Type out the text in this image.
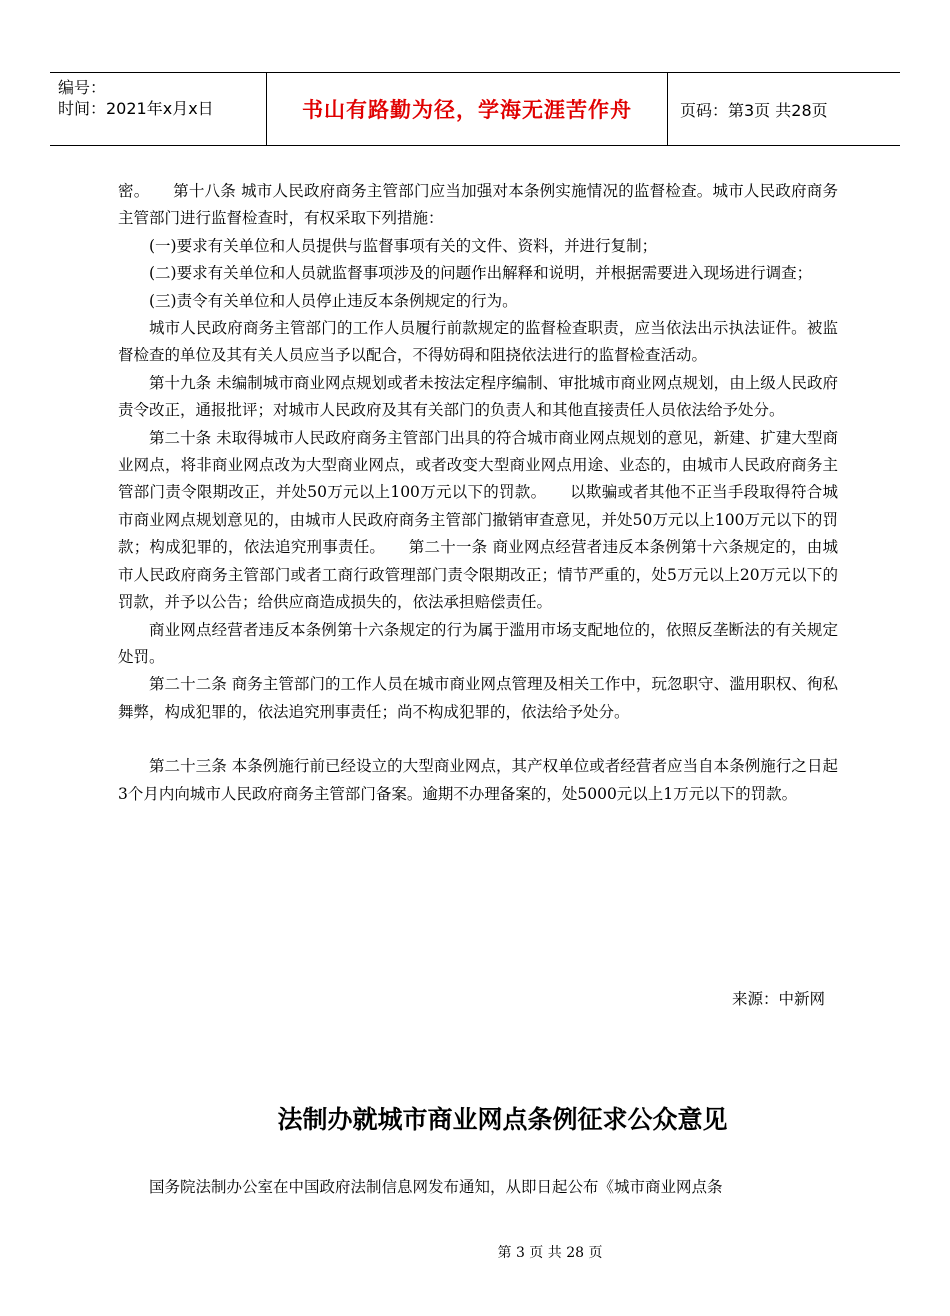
编号：
时间：2021年x月x日	书山有路勤为径，学海无涯苦作舟	页码：第3页 共28页

密。　　第十八条 城市人民政府商务主管部门应当加强对本条例实施情况的监督检查。城市人民政府商务主管部门进行监督检查时，有权采取下列措施：

(一)要求有关单位和人员提供与监督事项有关的文件、资料，并进行复制；

(二)要求有关单位和人员就监督事项涉及的问题作出解释和说明，并根据需要进入现场进行调查；

(三)责令有关单位和人员停止违反本条例规定的行为。

城市人民政府商务主管部门的工作人员履行前款规定的监督检查职责，应当依法出示执法证件。被监督检查的单位及其有关人员应当予以配合，不得妨碍和阻挠依法进行的监督检查活动。

第十九条 未编制城市商业网点规划或者未按法定程序编制、审批城市商业网点规划，由上级人民政府责令改正，通报批评；对城市人民政府及其有关部门的负责人和其他直接责任人员依法给予处分。

第二十条 未取得城市人民政府商务主管部门出具的符合城市商业网点规划的意见，新建、扩建大型商业网点，将非商业网点改为大型商业网点，或者改变大型商业网点用途、业态的，由城市人民政府商务主管部门责令限期改正，并处50万元以上100万元以下的罚款。　　以欺骗或者其他不正当手段取得符合城市商业网点规划意见的，由城市人民政府商务主管部门撤销审查意见，并处50万元以上100万元以下的罚款；构成犯罪的，依法追究刑事责任。　　第二十一条 商业网点经营者违反本条例第十六条规定的，由城市人民政府商务主管部门或者工商行政管理部门责令限期改正；情节严重的，处5万元以上20万元以下的罚款，并予以公告；给供应商造成损失的，依法承担赔偿责任。

商业网点经营者违反本条例第十六条规定的行为属于滥用市场支配地位的，依照反垄断法的有关规定处罚。

第二十二条 商务主管部门的工作人员在城市商业网点管理及相关工作中，玩忽职守、滥用职权、徇私舞弊，构成犯罪的，依法追究刑事责任；尚不构成犯罪的，依法给予处分。

第二十三条 本条例施行前已经设立的大型商业网点，其产权单位或者经营者应当自本条例施行之日起3个月内向城市人民政府商务主管部门备案。逾期不办理备案的，处5000元以上1万元以下的罚款。

来源：中新网
法制办就城市商业网点条例征求公众意见
国务院法制办公室在中国政府法制信息网发布通知，从即日起公布《城市商业网点条
第 3 页 共 28 页
